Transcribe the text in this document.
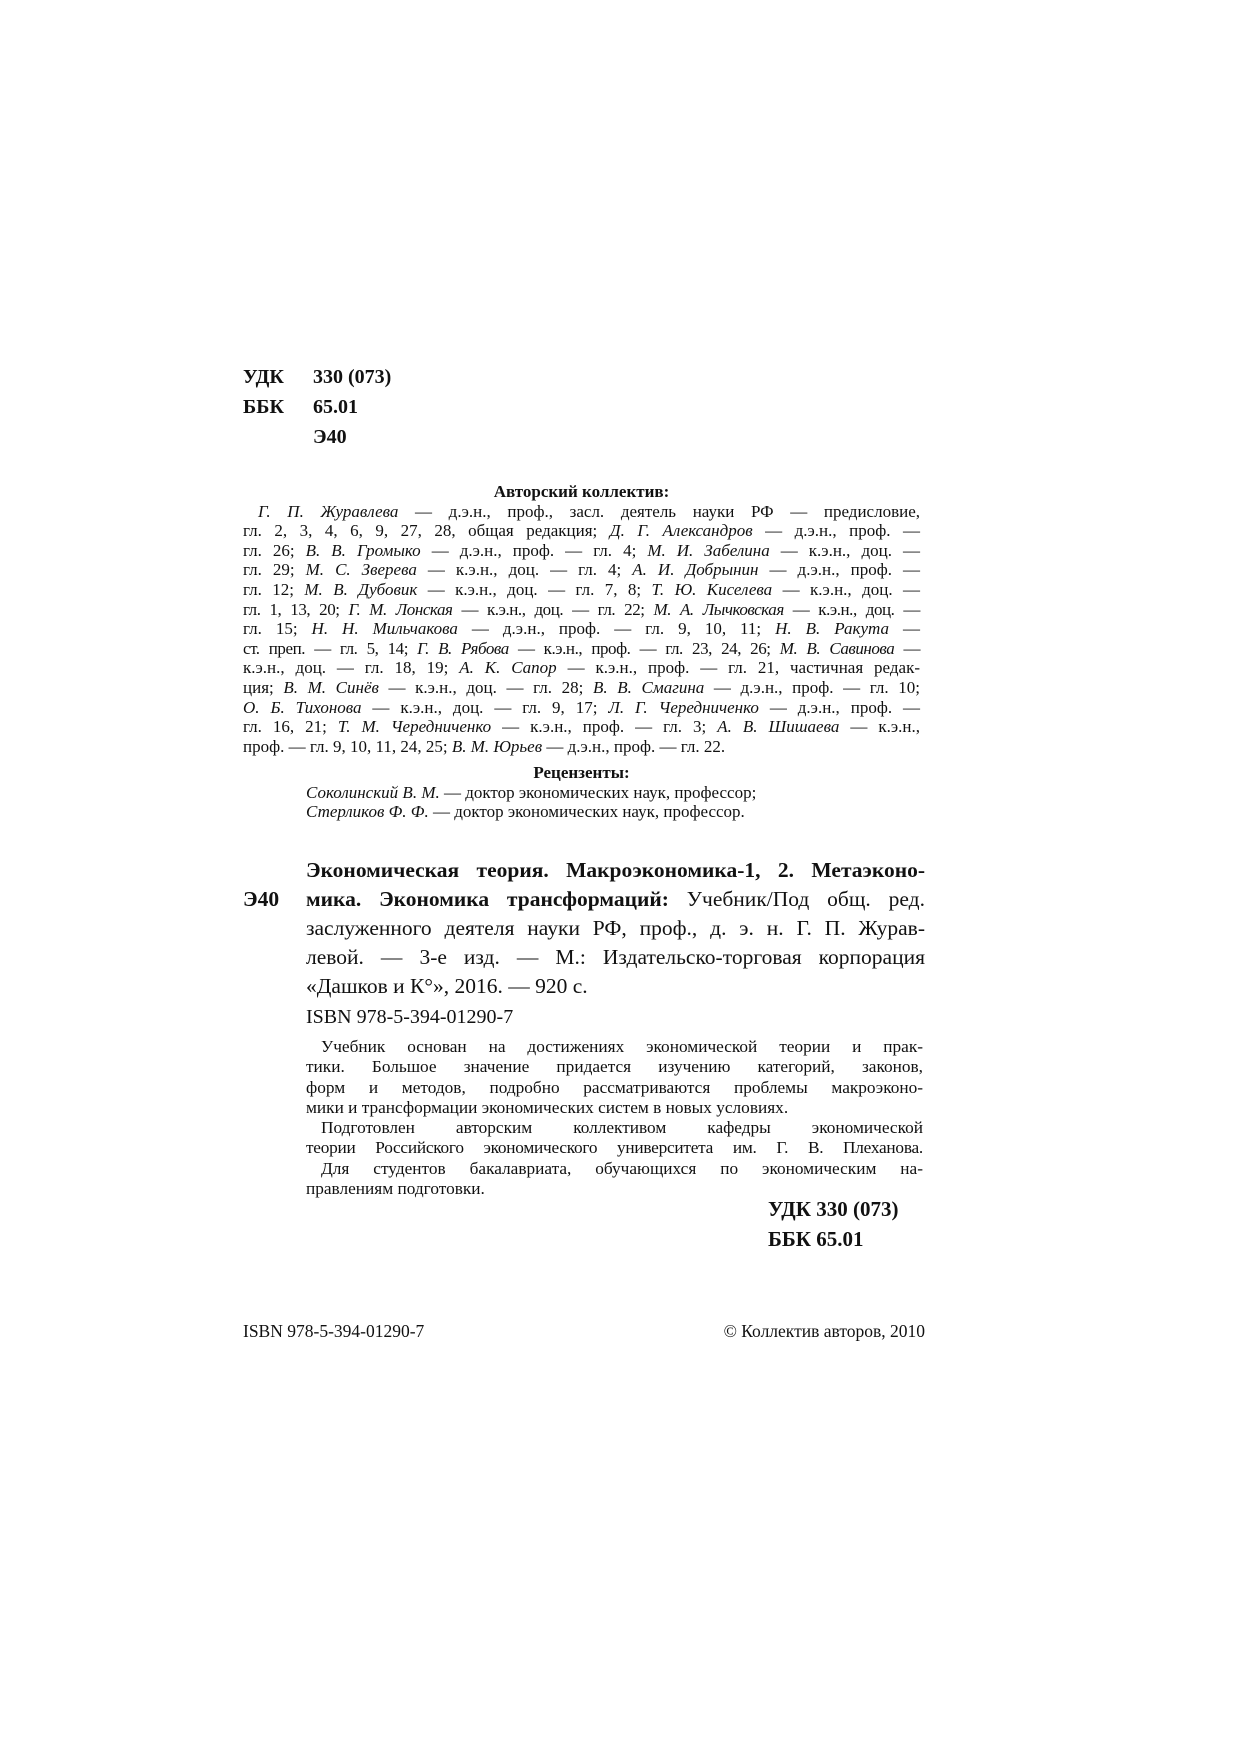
УДК 330 (073)
ББК 65.01
Э40
Авторский коллектив:
Г. П. Журавлева — д.э.н., проф., засл. деятель науки РФ — предисловие,
гл. 2, 3, 4, 6, 9, 27, 28, общая редакция; Д. Г. Александров — д.э.н., проф. —
гл. 26; В. В. Громыко — д.э.н., проф. — гл. 4; М. И. Забелина — к.э.н., доц. —
гл. 29; М. С. Зверева — к.э.н., доц. — гл. 4; А. И. Добрынин — д.э.н., проф. —
гл. 12; М. В. Дубовик — к.э.н., доц. — гл. 7, 8; Т. Ю. Киселева — к.э.н., доц. —
гл. 1, 13, 20; Г. М. Лонская — к.э.н., доц. — гл. 22; М. А. Лычковская — к.э.н., доц. —
гл. 15; Н. Н. Мильчакова — д.э.н., проф. — гл. 9, 10, 11; Н. В. Ракута —
ст. преп. — гл. 5, 14; Г. В. Рябова — к.э.н., проф. — гл. 23, 24, 26; М. В. Савинова —
к.э.н., доц. — гл. 18, 19; А. К. Сапор — к.э.н., проф. — гл. 21, частичная редак-
ция; В. М. Синёв — к.э.н., доц. — гл. 28; В. В. Смагина — д.э.н., проф. — гл. 10;
О. Б. Тихонова — к.э.н., доц. — гл. 9, 17; Л. Г. Чередниченко — д.э.н., проф. —
гл. 16, 21; Т. М. Чередниченко — к.э.н., проф. — гл. 3; А. В. Шишаева — к.э.н.,
проф. — гл. 9, 10, 11, 24, 25; В. М. Юрьев — д.э.н., проф. — гл. 22.
Рецензенты:
Соколинский В. М. — доктор экономических наук, профессор;
Стерликов Ф. Ф. — доктор экономических наук, профессор.
Э40
Экономическая теория. Макроэкономика-1, 2. Метаэконо-
мика. Экономика трансформаций: Учебник/Под общ. ред.
заслуженного деятеля науки РФ, проф., д. э. н. Г. П. Журав-
левой. — 3-е изд. — М.: Издательско-торговая корпорация
«Дашков и К°», 2016. — 920 с.
ISBN 978-5-394-01290-7
Учебник основан на достижениях экономической теории и прак-
тики. Большое значение придается изучению категорий, законов,
форм и методов, подробно рассматриваются проблемы макроэконо-
мики и трансформации экономических систем в новых условиях.
Подготовлен авторским коллективом кафедры экономической
теории Российского экономического университета им. Г. В. Плеханова.
Для студентов бакалавриата, обучающихся по экономическим на-
правлениям подготовки.
УДК 330 (073)
ББК 65.01
ISBN 978-5-394-01290-7	© Коллектив авторов, 2010
